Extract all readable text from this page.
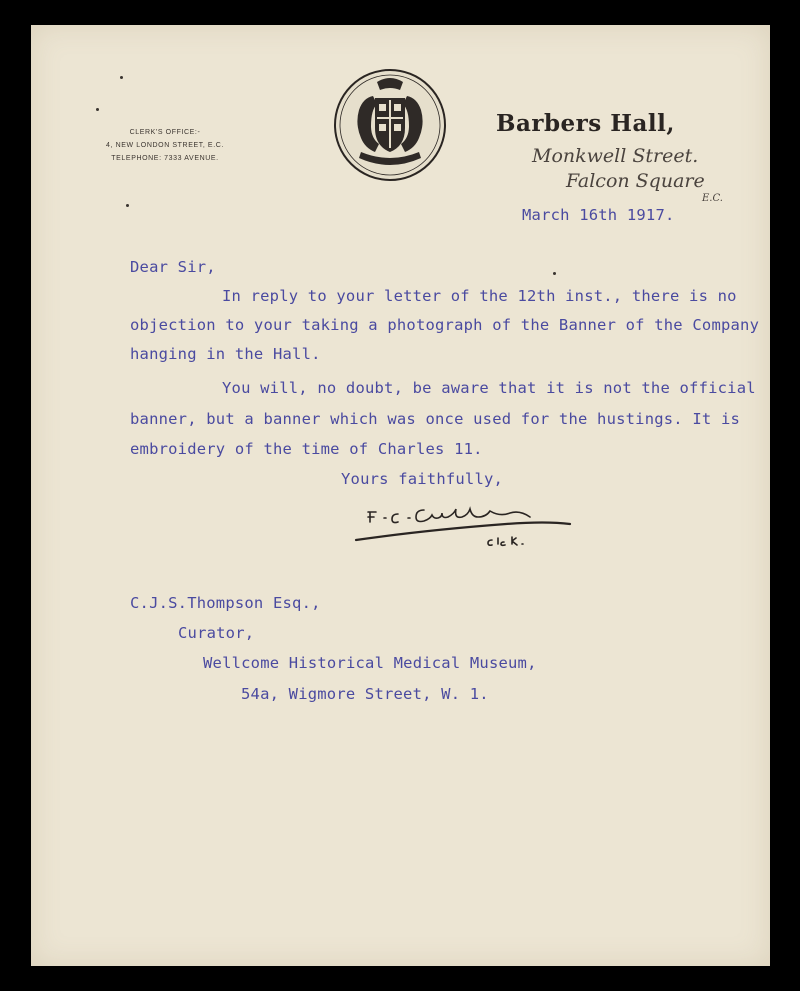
CLERK'S OFFICE:-
4, NEW LONDON STREET, E.C.
TELEPHONE: 7333 AVENUE.
Barbers Hall,
Monkwell Street.
Falcon Square
E.C.
March 16th 1917.
Dear Sir,
In reply to your letter of the 12th inst., there is no
objection to your taking a photograph of the Banner of the Company
hanging in the Hall.
You will, no doubt, be aware that it is not the official
banner, but a banner which was once used for the hustings. It is
embroidery of the time of Charles 11.
Yours faithfully,
C.J.S.Thompson Esq.,
Curator,
Wellcome Historical Medical Museum,
54a, Wigmore Street, W. 1.
